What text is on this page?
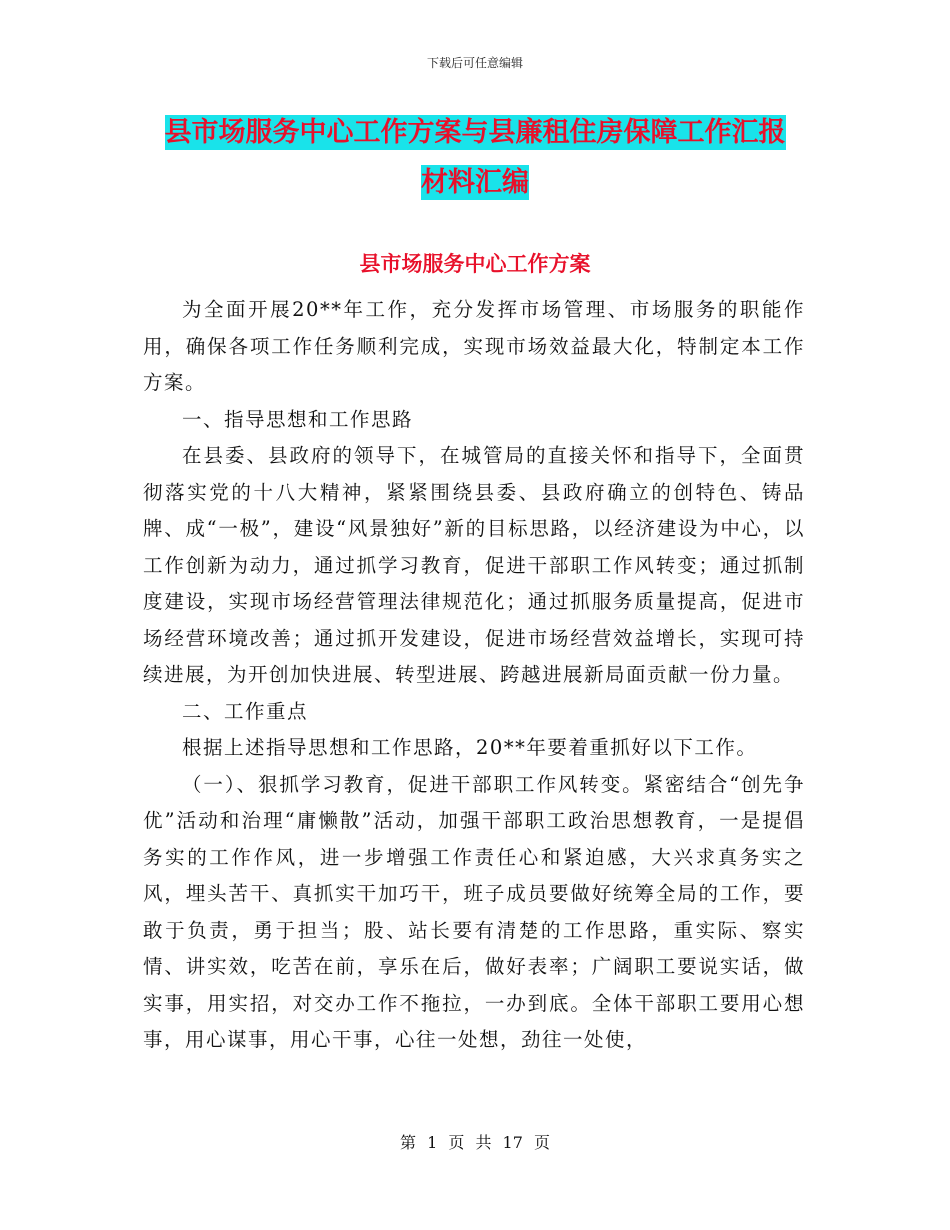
下载后可任意编辑
县市场服务中心工作方案与县廉租住房保障工作汇报
材料汇编
县市场服务中心工作方案

为全面开展20**年工作，充分发挥市场管理、市场服务的职能作用，确保各项工作任务顺利完成，实现市场效益最大化，特制定本工作方案。

一、指导思想和工作思路

在县委、县政府的领导下，在城管局的直接关怀和指导下，全面贯彻落实党的十八大精神，紧紧围绕县委、县政府确立的创特色、铸品牌、成“一极”，建设“风景独好”新的目标思路，以经济建设为中心，以工作创新为动力，通过抓学习教育，促进干部职工作风转变；通过抓制度建设，实现市场经营管理法律规范化；通过抓服务质量提高，促进市场经营环境改善；通过抓开发建设，促进市场经营效益增长，实现可持续进展，为开创加快进展、转型进展、跨越进展新局面贡献一份力量。

二、工作重点

根据上述指导思想和工作思路，20**年要着重抓好以下工作。

（一）、狠抓学习教育，促进干部职工作风转变。紧密结合“创先争优”活动和治理“庸懒散”活动，加强干部职工政治思想教育，一是提倡务实的工作作风，进一步增强工作责任心和紧迫感，大兴求真务实之风，埋头苦干、真抓实干加巧干，班子成员要做好统筹全局的工作，要敢于负责，勇于担当；股、站长要有清楚的工作思路，重实际、察实情、讲实效，吃苦在前，享乐在后，做好表率；广阔职工要说实话，做实事，用实招，对交办工作不拖拉，一办到底。全体干部职工要用心想事，用心谋事，用心干事，心往一处想，劲往一处使，

第 1 页 共 17 页
